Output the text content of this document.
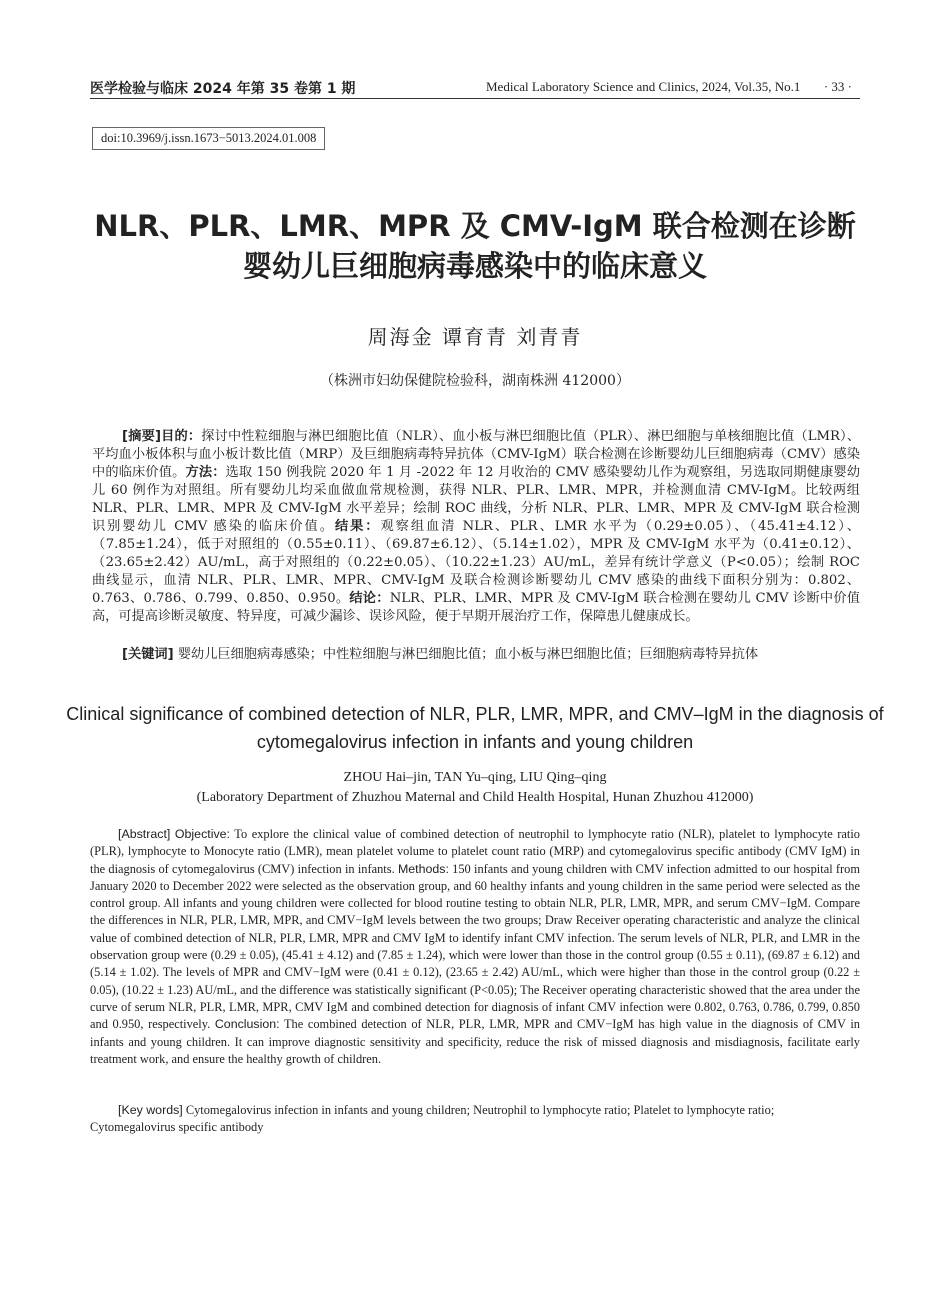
医学检验与临床 2024 年第 35 卷第 1 期	Medical Laboratory Science and Clinics, 2024, Vol.35, No.1 · 33 ·
doi:10.3969/j.issn.1673−5013.2024.01.008
NLR、PLR、LMR、MPR 及 CMV-IgM 联合检测在诊断
婴幼儿巨细胞病毒感染中的临床意义
周海金 谭育青 刘青青
（株洲市妇幼保健院检验科，湖南株洲 412000）
[摘要]目的：探讨中性粒细胞与淋巴细胞比值（NLR）、血小板与淋巴细胞比值（PLR）、淋巴细胞与单核细胞比值（LMR）、平均血小板体积与血小板计数比值（MRP）及巨细胞病毒特异抗体（CMV-IgM）联合检测在诊断婴幼儿巨细胞病毒（CMV）感染中的临床价值。方法：选取 150 例我院 2020 年 1 月 -2022 年 12 月收治的 CMV 感染婴幼儿作为观察组，另选取同期健康婴幼儿 60 例作为对照组。所有婴幼儿均采血做血常规检测，获得 NLR、PLR、LMR、MPR，并检测血清 CMV-IgM。比较两组 NLR、PLR、LMR、MPR 及 CMV-IgM 水平差异；绘制 ROC 曲线，分析 NLR、PLR、LMR、MPR 及 CMV-IgM 联合检测识别婴幼儿 CMV 感染的临床价值。结果：观察组血清 NLR、PLR、LMR 水平为（0.29±0.05）、（45.41±4.12）、（7.85±1.24），低于对照组的（0.55±0.11）、（69.87±6.12）、（5.14±1.02），MPR 及 CMV-IgM 水平为（0.41±0.12）、（23.65±2.42）AU/mL，高于对照组的（0.22±0.05）、（10.22±1.23）AU/mL，差异有统计学意义（P<0.05）；绘制 ROC 曲线显示，血清 NLR、PLR、LMR、MPR、CMV-IgM 及联合检测诊断婴幼儿 CMV 感染的曲线下面积分别为：0.802、0.763、0.786、0.799、0.850、0.950。结论：NLR、PLR、LMR、MPR 及 CMV-IgM 联合检测在婴幼儿 CMV 诊断中价值高，可提高诊断灵敏度、特异度，可减少漏诊、误诊风险，便于早期开展治疗工作，保障患儿健康成长。
[关键词] 婴幼儿巨细胞病毒感染；中性粒细胞与淋巴细胞比值；血小板与淋巴细胞比值；巨细胞病毒特异抗体
Clinical significance of combined detection of NLR, PLR, LMR, MPR, and CMV–IgM in the diagnosis of cytomegalovirus infection in infants and young children
ZHOU Hai–jin, TAN Yu–qing, LIU Qing–qing
(Laboratory Department of Zhuzhou Maternal and Child Health Hospital, Hunan Zhuzhou 412000)
[Abstract] Objective: To explore the clinical value of combined detection of neutrophil to lymphocyte ratio (NLR), platelet to lymphocyte ratio (PLR), lymphocyte to Monocyte ratio (LMR), mean platelet volume to platelet count ratio (MRP) and cytomegalovirus specific antibody (CMV IgM) in the diagnosis of cytomegalovirus (CMV) infection in infants. Methods: 150 infants and young children with CMV infection admitted to our hospital from January 2020 to December 2022 were selected as the observation group, and 60 healthy infants and young children in the same period were selected as the control group. All infants and young children were collected for blood routine testing to obtain NLR, PLR, LMR, MPR, and serum CMV−IgM. Compare the differences in NLR, PLR, LMR, MPR, and CMV−IgM levels between the two groups; Draw Receiver operating characteristic and analyze the clinical value of combined detection of NLR, PLR, LMR, MPR and CMV IgM to identify infant CMV infection. The serum levels of NLR, PLR, and LMR in the observation group were (0.29 ± 0.05), (45.41 ± 4.12) and (7.85 ± 1.24), which were lower than those in the control group (0.55 ± 0.11), (69.87 ± 6.12) and (5.14 ± 1.02). The levels of MPR and CMV−IgM were (0.41 ± 0.12), (23.65 ± 2.42) AU/mL, which were higher than those in the control group (0.22 ± 0.05), (10.22 ± 1.23) AU/mL, and the difference was statistically significant (P<0.05); The Receiver operating characteristic showed that the area under the curve of serum NLR, PLR, LMR, MPR, CMV IgM and combined detection for diagnosis of infant CMV infection were 0.802, 0.763, 0.786, 0.799, 0.850 and 0.950, respectively. Conclusion: The combined detection of NLR, PLR, LMR, MPR and CMV−IgM has high value in the diagnosis of CMV in infants and young children. It can improve diagnostic sensitivity and specificity, reduce the risk of missed diagnosis and misdiagnosis, facilitate early treatment work, and ensure the healthy growth of children.
[Key words] Cytomegalovirus infection in infants and young children; Neutrophil to lymphocyte ratio; Platelet to lymphocyte ratio; Cytomegalovirus specific antibody
